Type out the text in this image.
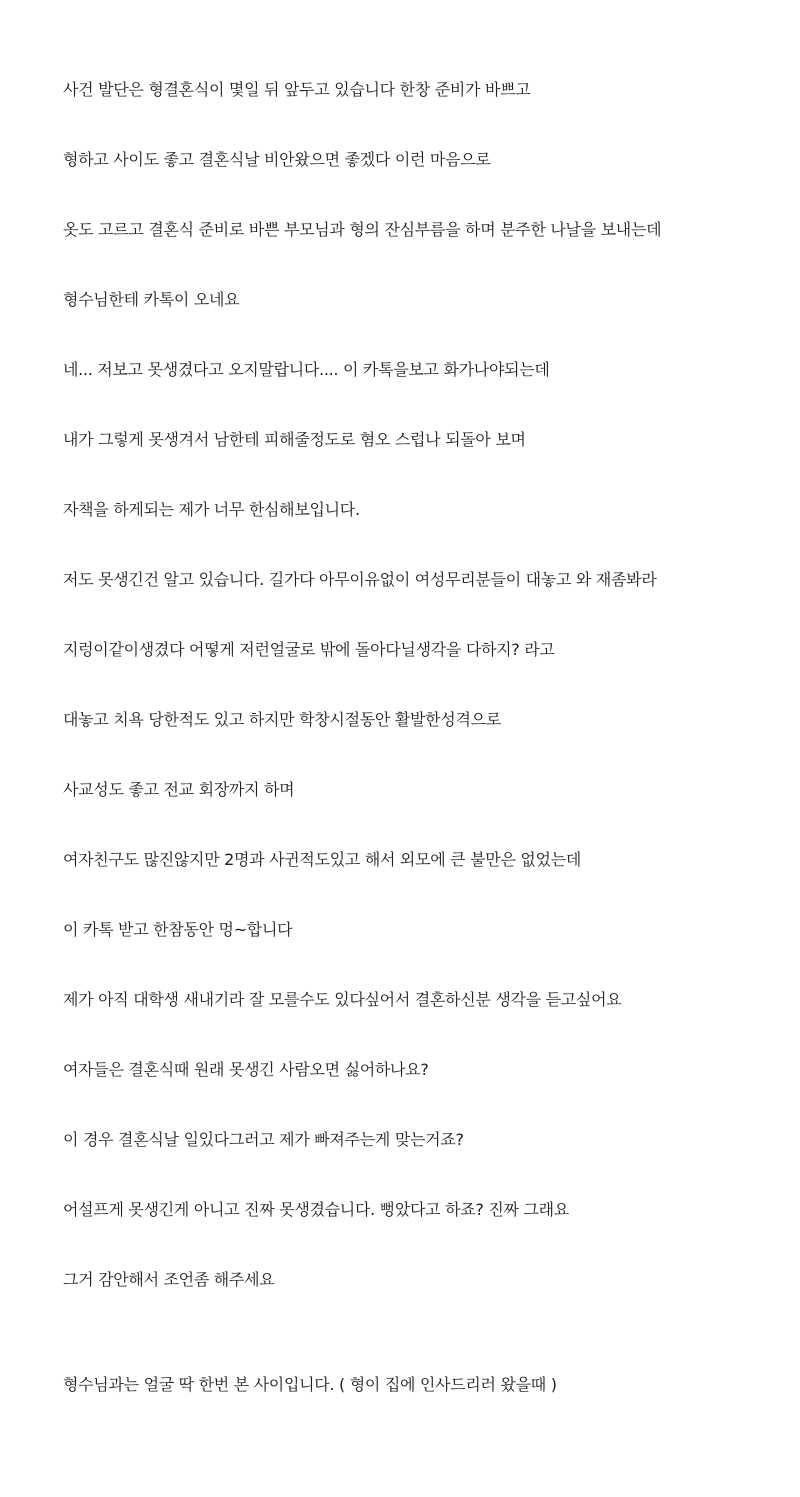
사건 발단은 형결혼식이 몇일 뒤 앞두고 있습니다 한창 준비가 바쁘고
형하고 사이도 좋고 결혼식날 비안왔으면 좋겠다 이런 마음으로
옷도 고르고 결혼식 준비로 바쁜 부모님과 형의 잔심부름을 하며 분주한 나날을 보내는데
형수님한테 카톡이 오네요
네... 저보고 못생겼다고 오지말랍니다.... 이 카톡을보고 화가나야되는데
내가 그렇게 못생겨서 남한테 피해줄정도로 혐오 스럽나 되돌아 보며
자책을 하게되는 제가 너무 한심해보입니다.
저도 못생긴건 알고 있습니다. 길가다 아무이유없이 여성무리분들이 대놓고 와 재좀봐라
지렁이같이생겼다 어떻게 저런얼굴로 밖에 돌아다닐생각을 다하지? 라고
대놓고 치욕 당한적도 있고 하지만 학창시절동안 활발한성격으로
사교성도 좋고 전교 회장까지 하며
여자친구도 많진않지만 2명과 사귄적도있고 해서 외모에 큰 불만은 없었는데
이 카톡 받고 한참동안 멍~합니다
제가 아직 대학생 새내기라 잘 모를수도 있다싶어서 결혼하신분 생각을 듣고싶어요
여자들은 결혼식때 원래 못생긴 사람오면 싫어하나요?
이 경우 결혼식날 일있다그러고 제가 빠져주는게 맞는거죠?
어설프게 못생긴게 아니고 진짜 못생겼습니다. 뻥았다고 하죠? 진짜 그래요
그거 감안해서 조언좀 해주세요
형수님과는 얼굴 딱 한번 본 사이입니다. ( 형이 집에 인사드리러 왔을때 )
